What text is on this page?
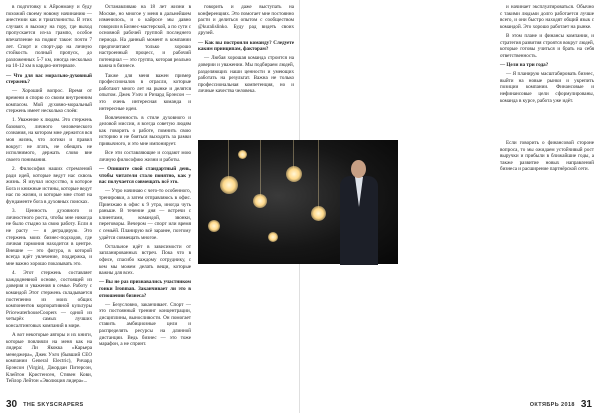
в подготовку к Айронману и буду похожий своему новому начинанию — анестезии как и триатлонисты. В этих случаях я выхожу на гору, где выход пропускается из-за грампо, особое впечатление на подвиг такое: почти 7 лет. Спорт и спорт-дар на личную стойкость полный пропуск, до разложенных 5-7 км, иногда несколько на 10-12 км в кардио-интервале.

— Что для вас морально-духовный стержень?

— Хороший вопрос. Время от времени я спорю со своим внутренним компасом. Мой духовно-моральный стержень имеет несколько слоёв:

1. Уважение к людям. Это стержень базового, личного человеческого сознания, на котором мне держится вся моя жизнь, что логики и правил вокруг: не лгать, не обещать не исполнимого, держать слово вне своего понимания.

2. Философия наших стремлений ради идей, которые ведут нас сквозь жизнь. Я изучал искусство, в которое Бога и книжные истины, которые ведут нас по жизни, и которые мне стоят на фундаменте бога в духовных поисках.

3. Ценность духовного и личностного роста, чтобы мне никогда не было стыдно за свою работу. Если я не расту — я деградирую. Это стержень моих бизнес-подходов, где личная гармония находится в центре. Внешне — это фигура, в которой всегда идёт увлечение, поддержка, и мне важно хорошо показывать это.

4. Этот стержень составляет каждодневной основе, состоящей из доверия и уважения в семье. Работу с командой Этот стержень складывается постепенно из моих общих компонентов корпоративной культуры PricewaterhouseCoopers — одной из четырёх самых лучших консалтинговых компаний в мире.

А вот некоторые авторы и их книги, которые повлияли на меня как на лидера: Ли Якокка «Карьера менеджера», Джек Уэлч (бывший CEO компании General Electric), Ричард Брэнсон (Virgin), Джордан Питерсон, Клейтон Кристенсен, Стивен Кови, Тейлор Лейтон «Эволюция лидера»...

Останавливаю на 18 лет жизни в Москве, но многое у меня в дальнейшем изменилось, и о кайросе мы давно говорили в Бизнес-мастерской, а по сути с основной рабочей группой последнего периода. На данный момент в компании предпочитают только хорошо настроенный процесс, и рабочий потенциал — это группа, которая реально важна в бизнесе.

Также для меня важен пример профессионалов в отрасли, которые работают много лет на рынке и делятся опытом. Джек Уэлч и Ричард Брэнсон — это очень интересная команда и интересные идеи.

Вовлеченность в стиле духовного и деловой миссии, я всегда советую людям как говорить о работе, помнить свою историю и не бояться выходить за рамки привычного, и это мне импонирует.

Все эти составляющие и создают мою личную философию жизни и работы.

— Опишите свой стандартный день, чтобы читатели стало понятно, как у вас получается совмещать всё это.

— Утро начинаю с чего-то особенного, тренировки, а затем отправляюсь в офис. Приезжаю в офис к 9 утра, иногда чуть раньше. В течение дня — встречи с клиентами, командой, звонки, переговоры. Вечером — спорт или время с семьёй. Планирую всё заранее, поэтому удаётся совмещать многое.

Остальное идёт в зависимости от запланированных встреч. Пока что в офисе, спасибо каждому сотруднику, с кем мы можем делать вещи, которые важны для всех.

— Вы не раз признавались участником гонки Ironman. Заканчивает ли это в отношении бизнеса?

— Безусловно, заканчивает. Спорт — это постоянный тренинг концентрации, дисциплины, выносливости. Он помогает ставить амбициозные цели и распределять ресурсы на длинной дистанции. Ведь бизнес — это тоже марафон, а не спринт.

говорить и даже выступать на конференциях. Это помогает мне постоянно расти и делиться опытом с сообществом @kuralislinko. Буду рад видеть своих друзей.

— Как вы построили команду? Следуете каким принципам, факторам?

— Любая хорошая команда строится на доверии и уважении. Мы подбираем людей, разделяющих наши ценности и умеющих работать на результат. Важна не только профессиональная компетенция, но и личные качества человека.

30 THE SKYSCRAPERS

и начинает эксплуатироваться. Обычно с такими людьми долго работается лучше всего, и они быстро находят общий язык с командой. Это хорошо работает на рынке.

В этом плане и финансы компании, и стратегия развития строятся вокруг людей, которые готовы учиться и брать на себя ответственность.

— Цели на три года?

— Я планирую масштабировать бизнес, выйти на новые рынки и укрепить позиции компании. Финансовые и нефинансовые цели сформулированы, команда в курсе, работа уже идёт.

Если говорить о финансовой стороне вопроса, то мы ожидаем устойчивый рост выручки и прибыли в ближайшие годы, а также развитие новых направлений бизнеса и расширение партнёрской сети.

ОКТЯБРЬ 2018 31
